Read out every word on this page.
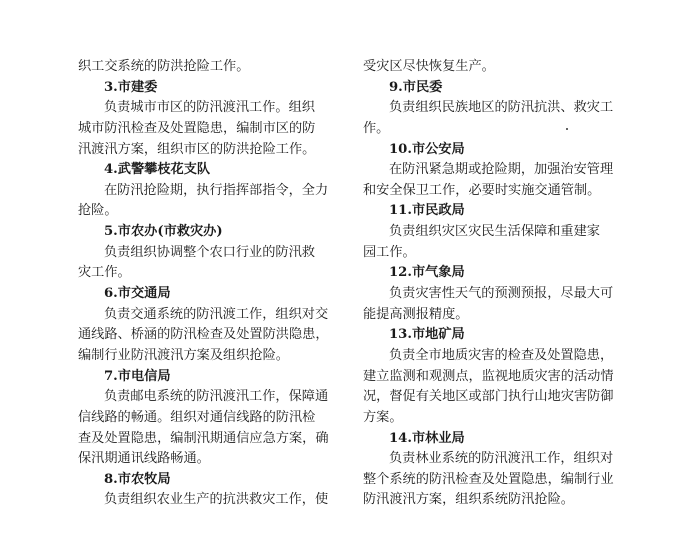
织工交系统的防洪抢险工作。
3.市建委
负责城市市区的防汛渡汛工作。组织
城市防汛检查及处置隐患，编制市区的防
汛渡汛方案，组织市区的防洪抢险工作。
4.武警攀枝花支队
在防汛抢险期，执行指挥部指令，全力
抢险。
5.市农办(市救灾办)
负责组织协调整个农口行业的防汛救
灾工作。
6.市交通局
负责交通系统的防汛渡工作，组织对交
通线路、桥涵的防汛检查及处置防洪隐患，
编制行业防汛渡汛方案及组织抢险。
7.市电信局
负责邮电系统的防汛渡汛工作，保障通
信线路的畅通。组织对通信线路的防汛检
查及处置隐患，编制汛期通信应急方案，确
保汛期通讯线路畅通。
8.市农牧局
负责组织农业生产的抗洪救灾工作，使
受灾区尽快恢复生产。
9.市民委
负责组织民族地区的防汛抗洪、救灾工
作。
10.市公安局
在防汛紧急期或抢险期，加强治安管理
和安全保卫工作，必要时实施交通管制。
11.市民政局
负责组织灾区灾民生活保障和重建家
园工作。
12.市气象局
负责灾害性天气的预测预报，尽最大可
能提高测报精度。
13.市地矿局
负责全市地质灾害的检查及处置隐患，
建立监测和观测点，监视地质灾害的活动情
况，督促有关地区或部门执行山地灾害防御
方案。
14.市林业局
负责林业系统的防汛渡汛工作，组织对
整个系统的防汛检查及处置隐患，编制行业
防汛渡汛方案，组织系统防汛抢险。
